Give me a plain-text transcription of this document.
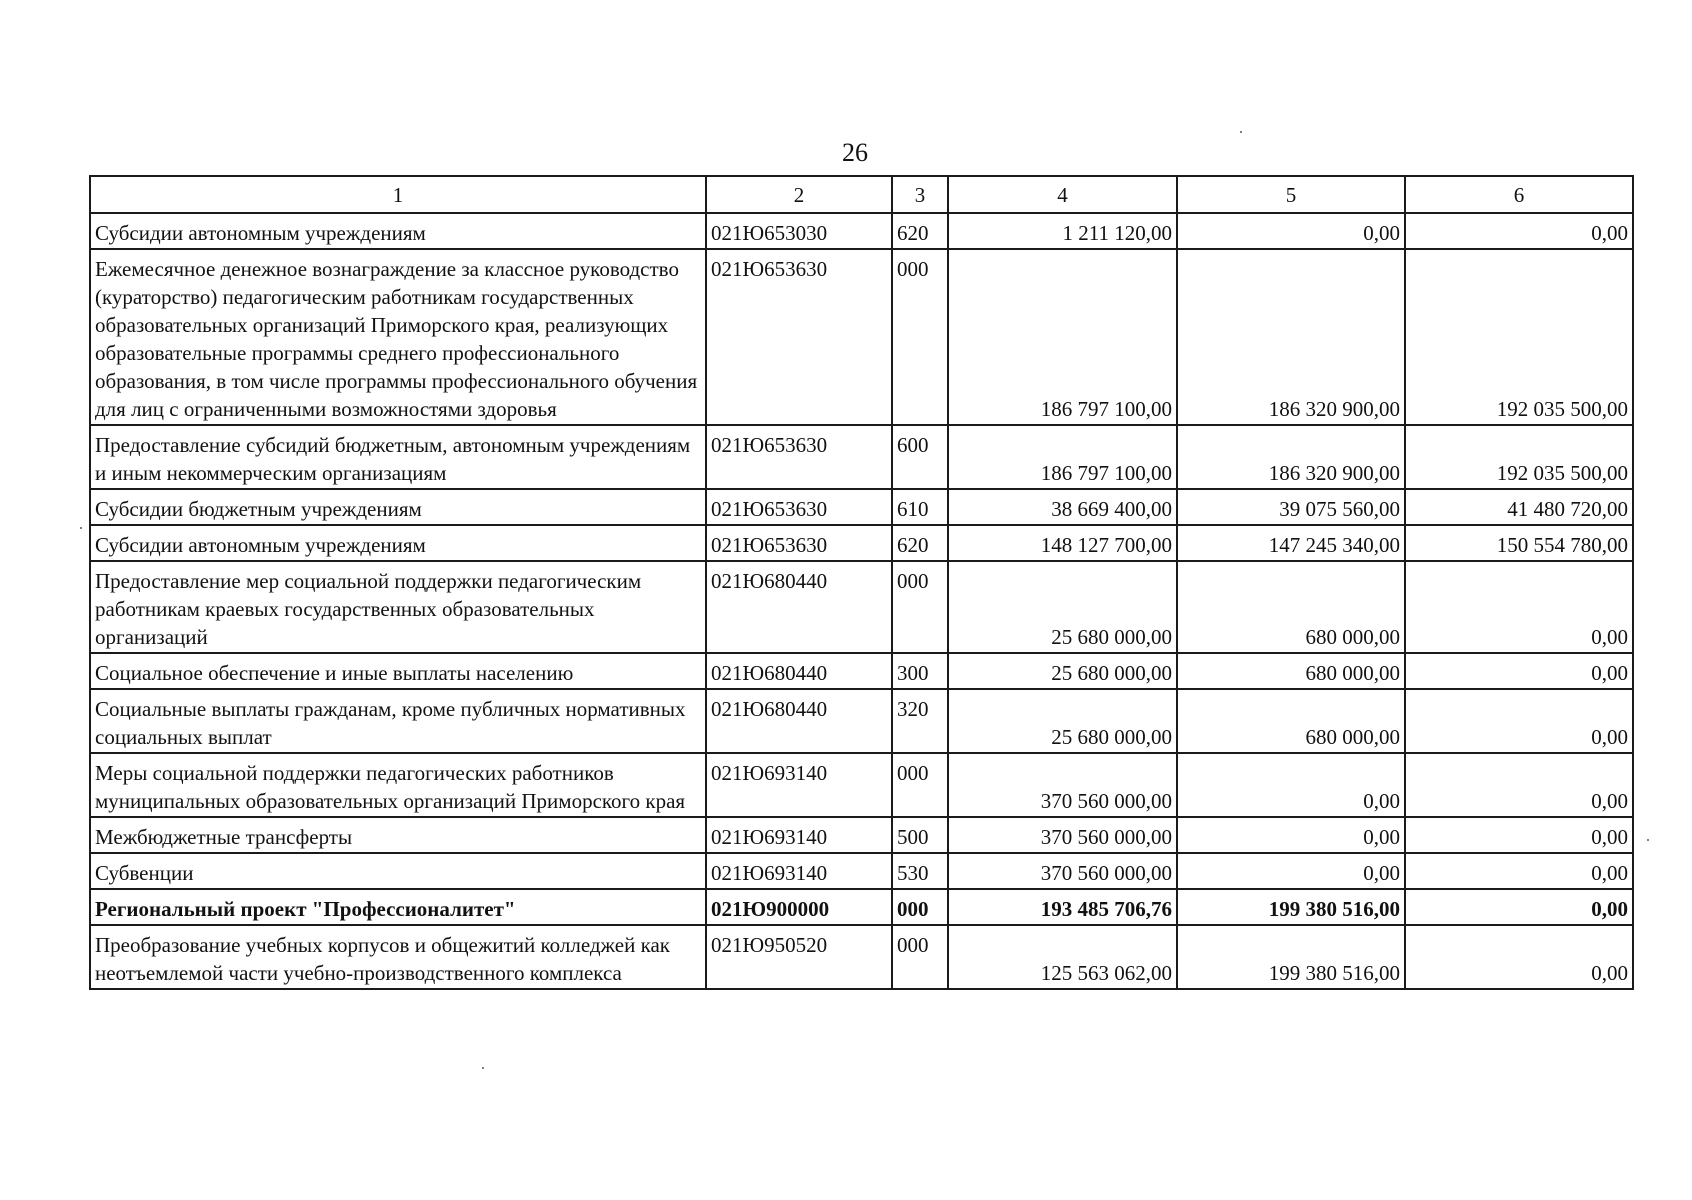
26
1	2	3	4	5	6
Субсидии автономным учреждениям	021Ю653030	620	1 211 120,00	0,00	0,00
Ежемесячное денежное вознаграждение за классное руководство (кураторство) педагогическим работникам государственных образовательных организаций Приморского края, реализующих образовательные программы среднего профессионального образования, в том числе программы профессионального обучения для лиц с ограниченными возможностями здоровья	021Ю653630	000	186 797 100,00	186 320 900,00	192 035 500,00
Предоставление субсидий бюджетным, автономным учреждениям и иным некоммерческим организациям	021Ю653630	600	186 797 100,00	186 320 900,00	192 035 500,00
Субсидии бюджетным учреждениям	021Ю653630	610	38 669 400,00	39 075 560,00	41 480 720,00
Субсидии автономным учреждениям	021Ю653630	620	148 127 700,00	147 245 340,00	150 554 780,00
Предоставление мер социальной поддержки педагогическим работникам краевых государственных образовательных организаций	021Ю680440	000	25 680 000,00	680 000,00	0,00
Социальное обеспечение и иные выплаты населению	021Ю680440	300	25 680 000,00	680 000,00	0,00
Социальные выплаты гражданам, кроме публичных нормативных социальных выплат	021Ю680440	320	25 680 000,00	680 000,00	0,00
Меры социальной поддержки педагогических работников муниципальных образовательных организаций Приморского края	021Ю693140	000	370 560 000,00	0,00	0,00
Межбюджетные трансферты	021Ю693140	500	370 560 000,00	0,00	0,00
Субвенции	021Ю693140	530	370 560 000,00	0,00	0,00
Региональный проект "Профессионалитет"	021Ю900000	000	193 485 706,76	199 380 516,00	0,00
Преобразование учебных корпусов и общежитий колледжей как неотъемлемой части учебно-производственного комплекса	021Ю950520	000	125 563 062,00	199 380 516,00	0,00
